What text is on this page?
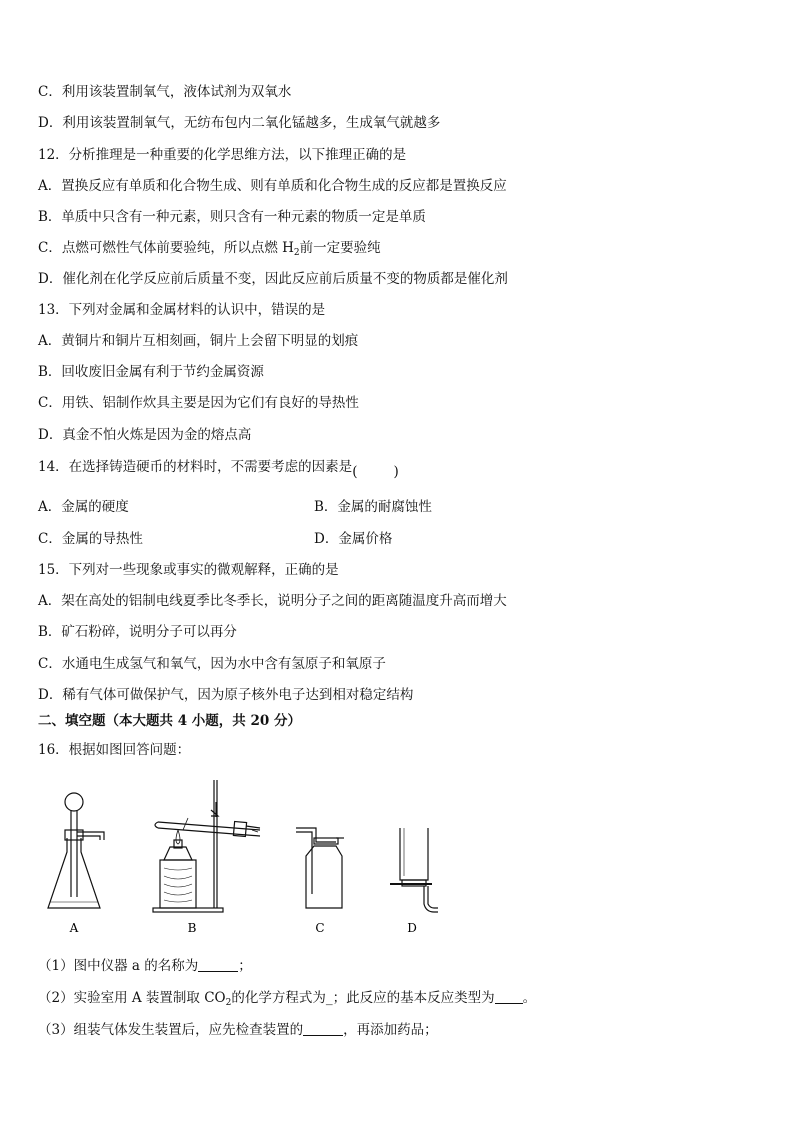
C．利用该装置制氧气，液体试剂为双氧水
D．利用该装置制氧气，无纺布包内二氧化锰越多，生成氧气就越多
12．分析推理是一种重要的化学思维方法，以下推理正确的是
A．置换反应有单质和化合物生成、则有单质和化合物生成的反应都是置换反应
B．单质中只含有一种元素，则只含有一种元素的物质一定是单质
C．点燃可燃性气体前要验纯，所以点燃 $H_2$前一定要验纯
D．催化剂在化学反应前后质量不变，因此反应前后质量不变的物质都是催化剂
13．下列对金属和金属材料的认识中，错误的是
A．黄铜片和铜片互相刻画，铜片上会留下明显的划痕
B．回收废旧金属有利于节约金属资源
C．用铁、铝制作炊具主要是因为它们有良好的导热性
D．真金不怕火炼是因为金的熔点高
14．在选择铸造硬币的材料时，不需要考虑的因素是(	)
A．金属的硬度	B．金属的耐腐蚀性
C．金属的导热性	D．金属价格
15．下列对一些现象或事实的微观解释，正确的是
A．架在高处的铝制电线夏季比冬季长，说明分子之间的距离随温度升高而增大
B．矿石粉碎，说明分子可以再分
C．水通电生成氢气和氧气，因为水中含有氢原子和氧原子
D．稀有气体可做保护气，因为原子核外电子达到相对稳定结构
二、填空题（本大题共 4 小题，共 20 分）
16．根据如图回答问题：
A	B	C	D
（1）图中仪器 a 的名称为	；
（2）实验室用 A 装置制取 $CO_2$的化学方程式为_；此反应的基本反应类型为 。
（3）组装气体发生装置后，应先检查装置的	，再添加药品；
